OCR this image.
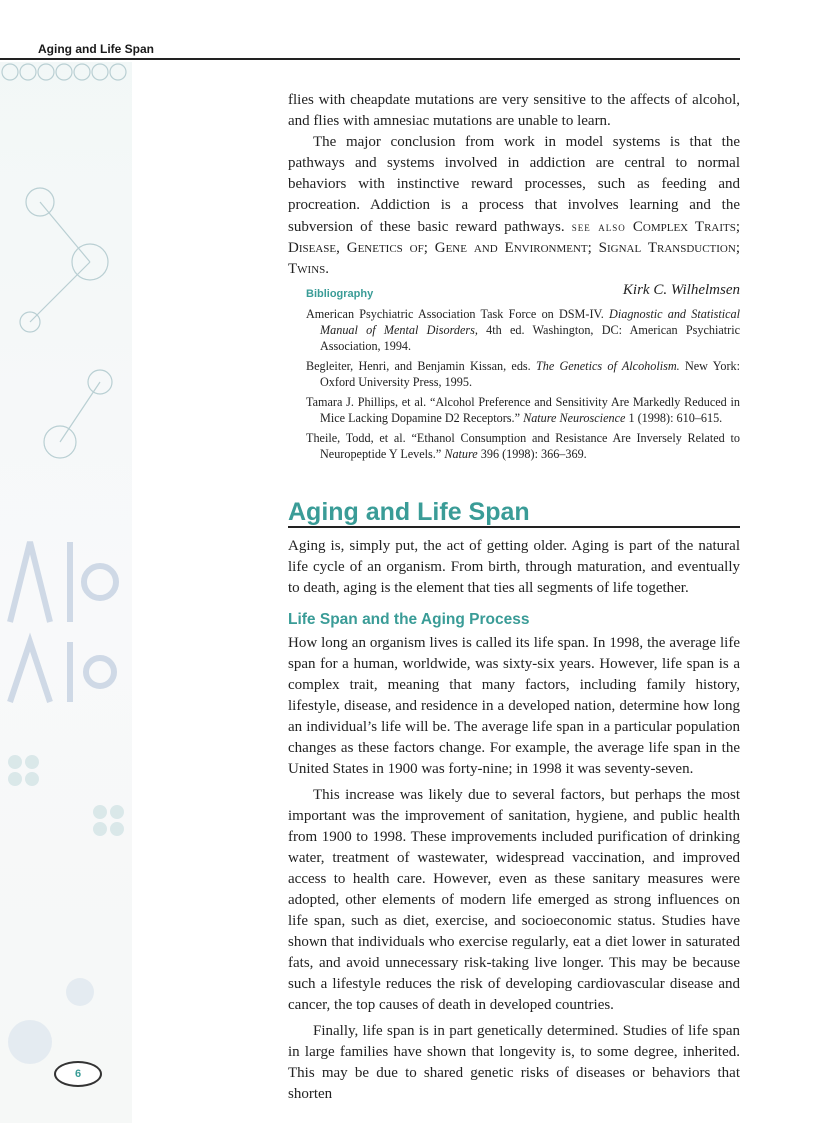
Aging and Life Span

flies with cheapdate mutations are very sensitive to the affects of alcohol, and flies with amnesiac mutations are unable to learn.

The major conclusion from work in model systems is that the pathways and systems involved in addiction are central to normal behaviors with instinctive reward processes, such as feeding and procreation. Addiction is a process that involves learning and the subversion of these basic reward pathways. see also Complex Traits; Disease, Genetics of; Gene and Environment; Signal Transduction; Twins.

Kirk C. Wilhelmsen
Bibliography
American Psychiatric Association Task Force on DSM-IV. Diagnostic and Statistical Manual of Mental Disorders, 4th ed. Washington, DC: American Psychiatric Association, 1994.
Begleiter, Henri, and Benjamin Kissan, eds. The Genetics of Alcoholism. New York: Oxford University Press, 1995.
Tamara J. Phillips, et al. “Alcohol Preference and Sensitivity Are Markedly Reduced in Mice Lacking Dopamine D2 Receptors.” Nature Neuroscience 1 (1998): 610–615.
Theile, Todd, et al. “Ethanol Consumption and Resistance Are Inversely Related to Neuropeptide Y Levels.” Nature 396 (1998): 366–369.
Aging and Life Span

Aging is, simply put, the act of getting older. Aging is part of the natural life cycle of an organism. From birth, through maturation, and eventually to death, aging is the element that ties all segments of life together.

Life Span and the Aging Process

How long an organism lives is called its life span. In 1998, the average life span for a human, worldwide, was sixty-six years. However, life span is a complex trait, meaning that many factors, including family history, lifestyle, disease, and residence in a developed nation, determine how long an individual’s life will be. The average life span in a particular population changes as these factors change. For example, the average life span in the United States in 1900 was forty-nine; in 1998 it was seventy-seven.

This increase was likely due to several factors, but perhaps the most important was the improvement of sanitation, hygiene, and public health from 1900 to 1998. These improvements included purification of drinking water, treatment of wastewater, widespread vaccination, and improved access to health care. However, even as these sanitary measures were adopted, other elements of modern life emerged as strong influences on life span, such as diet, exercise, and socioeconomic status. Studies have shown that individuals who exercise regularly, eat a diet lower in saturated fats, and avoid unnecessary risk-taking live longer. This may be because such a lifestyle reduces the risk of developing cardiovascular disease and cancer, the top causes of death in developed countries.

Finally, life span is in part genetically determined. Studies of life span in large families have shown that longevity is, to some degree, inherited. This may be due to shared genetic risks of diseases or behaviors that shorten

6
